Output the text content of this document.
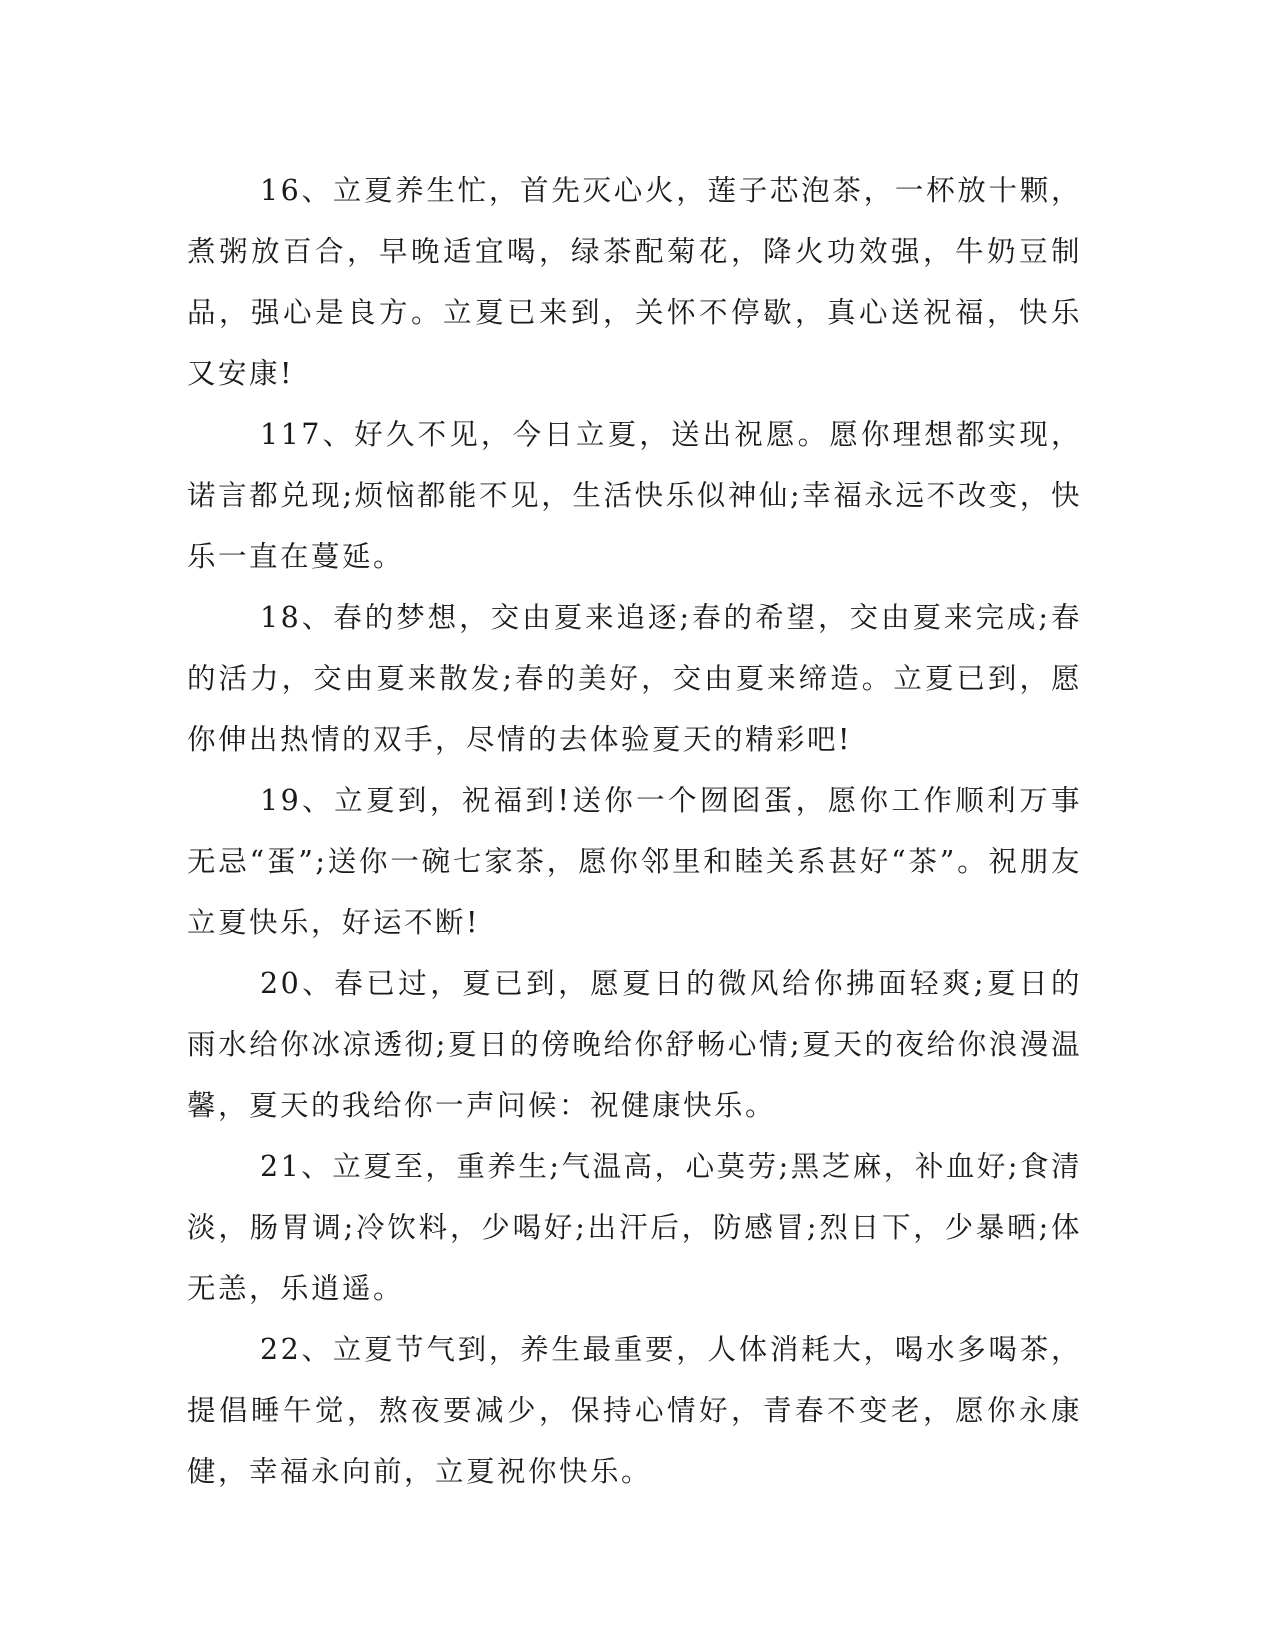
16、立夏养生忙，首先灭心火，莲子芯泡茶，一杯放十颗，煮粥放百合，早晚适宜喝，绿茶配菊花，降火功效强，牛奶豆制品，强心是良方。立夏已来到，关怀不停歇，真心送祝福，快乐又安康!

117、好久不见，今日立夏，送出祝愿。愿你理想都实现，诺言都兑现;烦恼都能不见，生活快乐似神仙;幸福永远不改变，快乐一直在蔓延。

18、春的梦想，交由夏来追逐;春的希望，交由夏来完成;春的活力，交由夏来散发;春的美好，交由夏来缔造。立夏已到，愿你伸出热情的双手，尽情的去体验夏天的精彩吧!

19、立夏到，祝福到!送你一个囫囵蛋，愿你工作顺利万事无忌“蛋”;送你一碗七家茶，愿你邻里和睦关系甚好“茶”。祝朋友立夏快乐，好运不断!

20、春已过，夏已到，愿夏日的微风给你拂面轻爽;夏日的雨水给你冰凉透彻;夏日的傍晚给你舒畅心情;夏天的夜给你浪漫温馨，夏天的我给你一声问候：祝健康快乐。

21、立夏至，重养生;气温高，心莫劳;黑芝麻，补血好;食清淡，肠胃调;冷饮料，少喝好;出汗后，防感冒;烈日下，少暴晒;体无恙，乐逍遥。

22、立夏节气到，养生最重要，人体消耗大，喝水多喝茶，提倡睡午觉，熬夜要减少，保持心情好，青春不变老，愿你永康健，幸福永向前，立夏祝你快乐。
